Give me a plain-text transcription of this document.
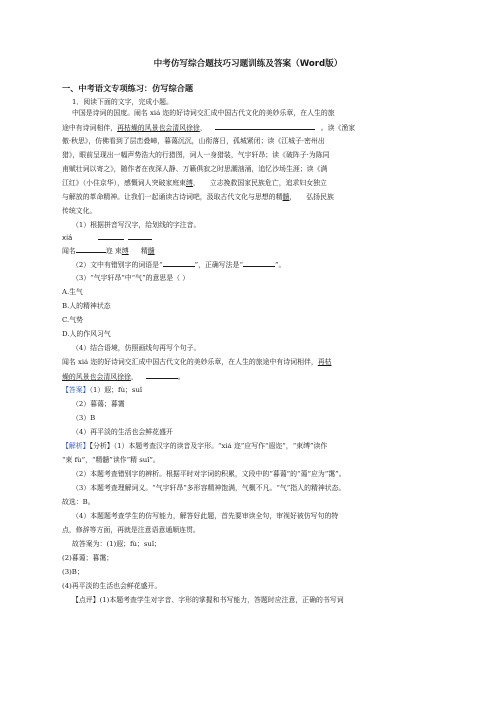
中考仿写综合题技巧习题训练及答案（Word版）
一、中考语文专项练习：仿写综合题
1．阅读下面的文字，完成小题。
中国是诗词的国度。闹名 xiá 迩的好诗词交汇成中国古代文化的美妙乐章，在人生的旅
途中有诗词相伴，再枯燥的风景也会清风徐徐，	。读《渔家
傲·秋思》，仿佛看到了层峦叠嶂，暮蔼沉沉，山衔落日，孤城紧闭；读《江城子·密州出
猎》，眼前呈现出一幅声势浩大的行猎图，词人一身猎装，气宇轩昂；读《破阵子·为陈同
甫赋壮词以寄之》，随作者在夜深人静、万籁俱寂之时思潮汹涌，追忆沙场生涯；读《满
江红》（小住京华），感慨词人突破家庭束缚， 立志挽救国家民族危亡，追求妇女独立
与解放的革命精神。让我们一起诵读古诗词吧，汲取古代文化与思想的精髓， 弘扬民族
传统文化。
（1）根据拼音写汉字，给划线的字注音。
xiá
闻名	迩 束缚 精髓
（2）文中有错别字的词语是“	”，正确写法是“	”。
（3）“气宇轩昂”中“气”的意思是（ ）
A.生气
B.人的精神状态
C.气势
D.人的作风习气
（4）结合语境，仿照画线句再写个句子。
闻名 xiá 迩的好诗词交汇成中国古代文化的美妙乐章，在人生的旅途中有诗词相伴，再枯
燥的风景也会清风徐徐，	。
【答案】（1）遐；fù；suǐ
（2）暮蔼；暮霭
（3）B
（4）再平淡的生活也会鲜花盛开
【解析】【分析】（1）本题考查汉字的读音及字形。“xiá 迩”应写作“遐迩”，“束缚”读作
“束 fù”，“精髓”读作“精 suǐ”。
（2）本题考查错别字的辨析。根据平时对字词的积累，文段中的“暮蔼”的“蔼”应为“霭”。
（3）本题考查理解词义。“气宇轩昂”多形容精神饱满，气概不凡。“气”指人的精神状态。
故选：B。
（4）本题题考查学生的仿写能力，解答好此题，首先要审读全句，审视好被仿写句的特
点，修辞等方面，再就是注意语意通顺连贯。
故答案为：(1)遐；fù；suǐ；
(2)暮蔼；暮霭；
(3)B；
(4)再平淡的生活也会鲜花盛开。
【点评】(1)本题考查学生对字音、字形的掌握和书写能力，答题时应注意，正确的书写词
